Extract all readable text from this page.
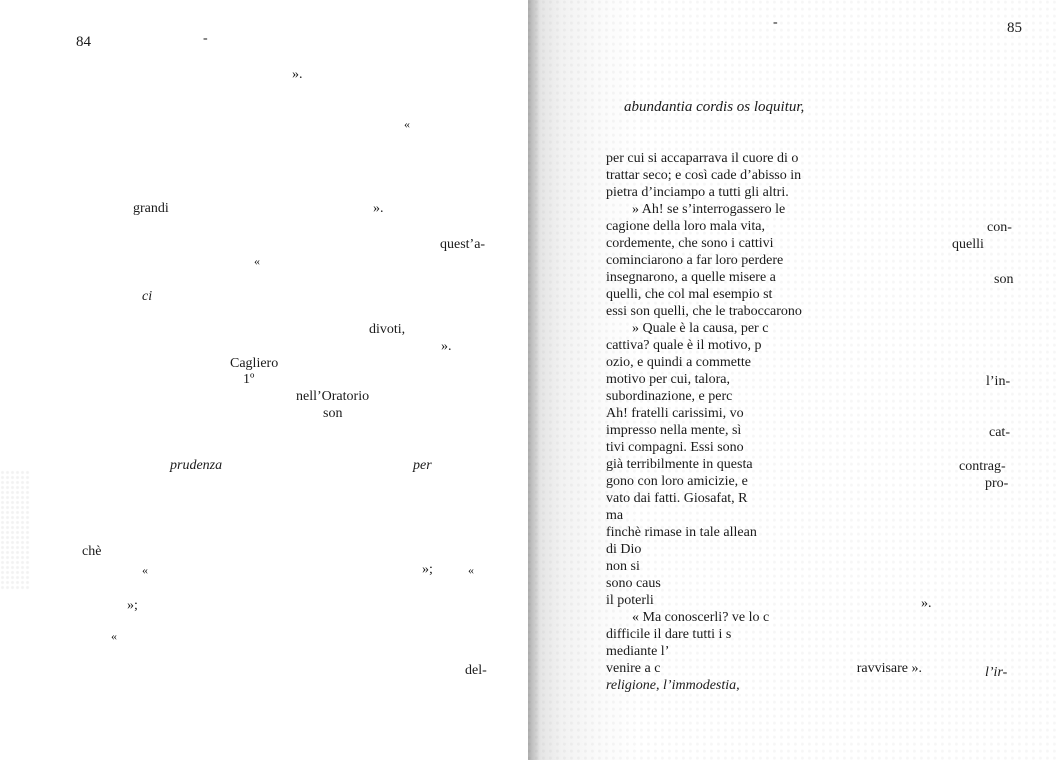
84	-
».
«
grandi	».
quest’a-
«
ci
divoti,
».
Cagliero
1º
nell’Oratorio
son
prudenza	per
chè
«	»;	«
»;
«
del-
-	85
abundantia cordis os loquitur,
per cui si accaparrava il cuore di o
trattar seco; e così cade d’abisso in
pietra d’inciampo a tutti gli altri.
» Ah! se s’interrogassero le
cagione della loro mala vita,
cordemente, che sono i cattivi
cominciarono a far loro perdere
insegnarono, a quelle misere a
quelli, che col mal esempio st
essi son quelli, che le traboccarono
» Quale è la causa, per c
cattiva? quale è il motivo, p
ozio, e quindi a commette
motivo per cui, talora,
subordinazione, e perc
Ah! fratelli carissimi, vo
impresso nella mente, sì
tivi compagni. Essi sono
già terribilmente in questa
gono con loro amicizie, e
vato dai fatti. Giosafat, R
ma
finchè rimase in tale allean
di Dio
non si
sono caus
il poterli
« Ma conoscerli? ve lo c
difficile il dare tutti i s
mediante l’
venire a c	ravvisare ».
religione, l’immodestia,
con-
quelli
son
l’in-
cat-
contrag-
pro-
».
l’ir-
